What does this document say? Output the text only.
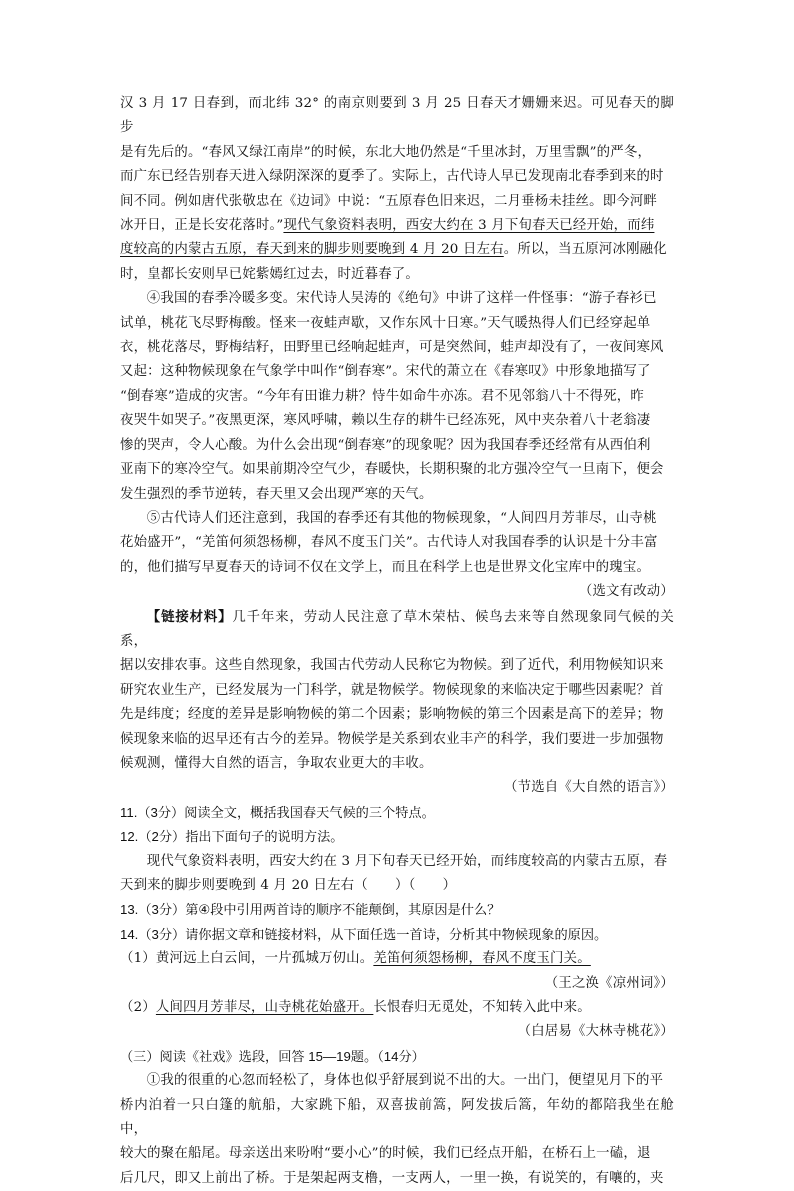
汉 3 月 17 日春到，而北纬 32° 的南京则要到 3 月 25 日春天才姗姗来迟。可见春天的脚步

是有先后的。“春风又绿江南岸”的时候，东北大地仍然是“千里冰封，万里雪飘”的严冬，

而广东已经告别春天进入绿阴深深的夏季了。实际上，古代诗人早已发现南北春季到来的时

间不同。例如唐代张敬忠在《边词》中说：“五原春色旧来迟，二月垂杨未挂丝。即今河畔

冰开日，正是长安花落时。”现代气象资料表明，西安大约在 3 月下旬春天已经开始，而纬

度较高的内蒙古五原，春天到来的脚步则要晚到 4 月 20 日左右。所以，当五原河冰刚融化

时，皇都长安则早已姹紫嫣红过去，时近暮春了。

④我国的春季冷暖多变。宋代诗人吴涛的《绝句》中讲了这样一件怪事：“游子春衫已

试单，桃花飞尽野梅酸。怪来一夜蛙声歇，又作东风十日寒。”天气暖热得人们已经穿起单

衣，桃花落尽，野梅结籽，田野里已经响起蛙声，可是突然间，蛙声却没有了，一夜间寒风

又起：这种物候现象在气象学中叫作“倒春寒”。宋代的萧立在《春寒叹》中形象地描写了

“倒春寒”造成的灾害。“今年有田谁力耕？恃牛如命牛亦冻。君不见邻翁八十不得死，昨

夜哭牛如哭子。”夜黑更深，寒风呼啸，赖以生存的耕牛已经冻死，风中夹杂着八十老翁凄

惨的哭声，令人心酸。为什么会出现“倒春寒”的现象呢？因为我国春季还经常有从西伯利

亚南下的寒冷空气。如果前期冷空气少，春暖快，长期积聚的北方强冷空气一旦南下，便会

发生强烈的季节逆转，春天里又会出现严寒的天气。

⑤古代诗人们还注意到，我国的春季还有其他的物候现象，“人间四月芳菲尽，山寺桃

花始盛开”，“羌笛何须怨杨柳，春风不度玉门关”。古代诗人对我国春季的认识是十分丰富

的，他们描写早夏春天的诗词不仅在文学上，而且在科学上也是世界文化宝库中的瑰宝。

（选文有改动）

【链接材料】几千年来，劳动人民注意了草木荣枯、候鸟去来等自然现象同气候的关系，

据以安排农事。这些自然现象，我国古代劳动人民称它为物候。到了近代，利用物候知识来

研究农业生产，已经发展为一门科学，就是物候学。物候现象的来临决定于哪些因素呢？首

先是纬度；经度的差异是影响物候的第二个因素；影响物候的第三个因素是高下的差异；物

候现象来临的迟早还有古今的差异。物候学是关系到农业丰产的科学，我们要进一步加强物

候观测，懂得大自然的语言，争取农业更大的丰收。

（节选自《大自然的语言》）

11.（3分）阅读全文，概括我国春天气候的三个特点。

12.（2分）指出下面句子的说明方法。

现代气象资料表明，西安大约在 3 月下旬春天已经开始，而纬度较高的内蒙古五原，春

天到来的脚步则要晚到 4 月 20 日左右（　　）（　　）

13.（3分）第④段中引用两首诗的顺序不能颠倒，其原因是什么？

14.（3分）请你据文章和链接材料，从下面任选一首诗，分析其中物候现象的原因。

（1）黄河远上白云间，一片孤城万仞山。羌笛何须怨杨柳，春风不度玉门关。

（王之涣《凉州词》）

（2）人间四月芳菲尽，山寺桃花始盛开。长恨春归无觅处，不知转入此中来。

（白居易《大林寺桃花》）

（三）阅读《社戏》选段，回答 15—19题。（14分）

①我的很重的心忽而轻松了，身体也似乎舒展到说不出的大。一出门，便望见月下的平

桥内泊着一只白篷的航船，大家跳下船，双喜拔前篙，阿发拔后篙，年幼的都陪我坐在舱中，

较大的聚在船尾。母亲送出来吩咐“要小心”的时候，我们已经点开船，在桥石上一磕，退

后几尺，即又上前出了桥。于是架起两支橹，一支两人，一里一换，有说笑的，有嚷的，夹
